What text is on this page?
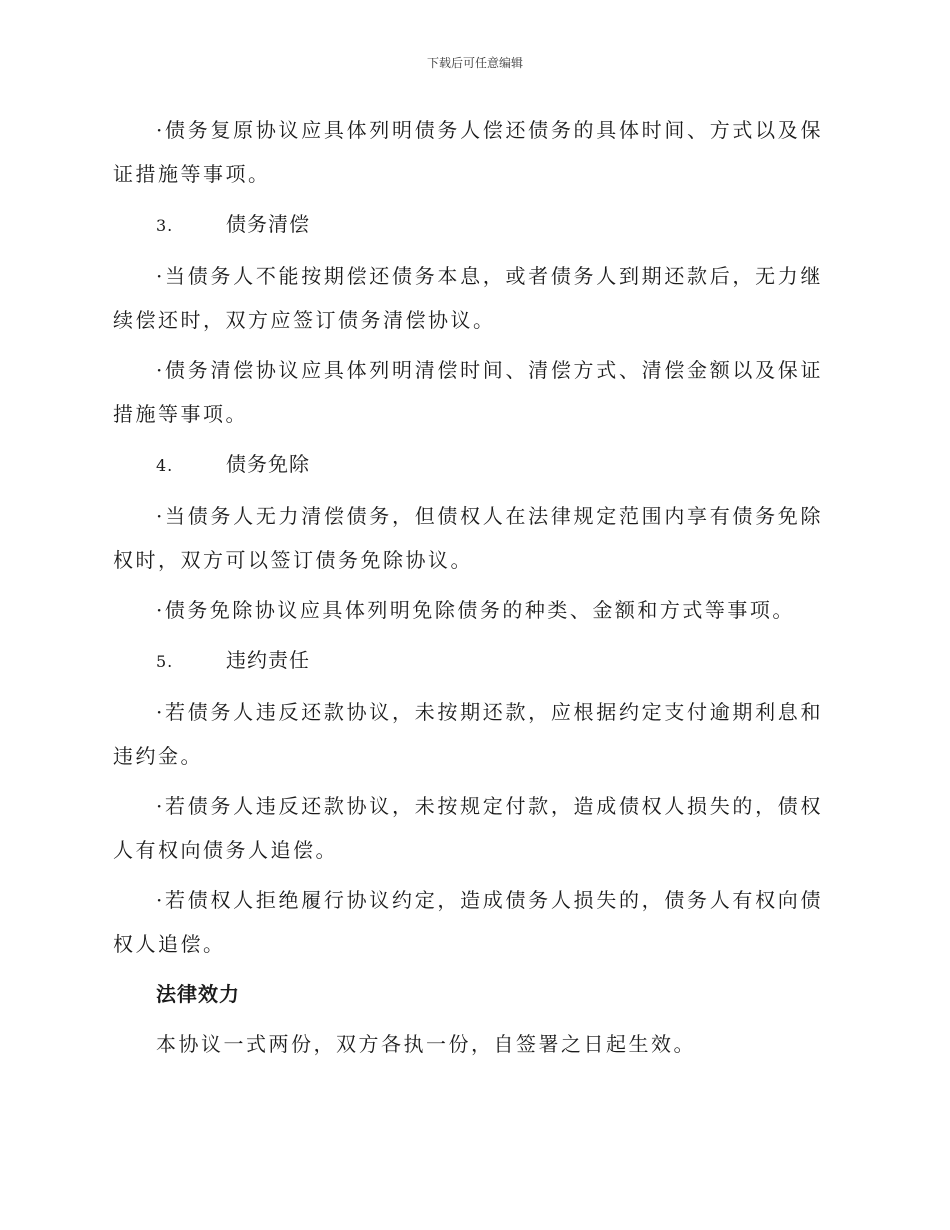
下载后可任意编辑

·债务复原协议应具体列明债务人偿还债务的具体时间、方式以及保证措施等事项。

3.	债务清偿

·当债务人不能按期偿还债务本息，或者债务人到期还款后，无力继续偿还时，双方应签订债务清偿协议。

·债务清偿协议应具体列明清偿时间、清偿方式、清偿金额以及保证措施等事项。

4.	债务免除

·当债务人无力清偿债务，但债权人在法律规定范围内享有债务免除权时，双方可以签订债务免除协议。

·债务免除协议应具体列明免除债务的种类、金额和方式等事项。

5.	违约责任

·若债务人违反还款协议，未按期还款，应根据约定支付逾期利息和违约金。

·若债务人违反还款协议，未按规定付款，造成债权人损失的，债权人有权向债务人追偿。

·若债权人拒绝履行协议约定，造成债务人损失的，债务人有权向债权人追偿。

法律效力

本协议一式两份，双方各执一份，自签署之日起生效。
